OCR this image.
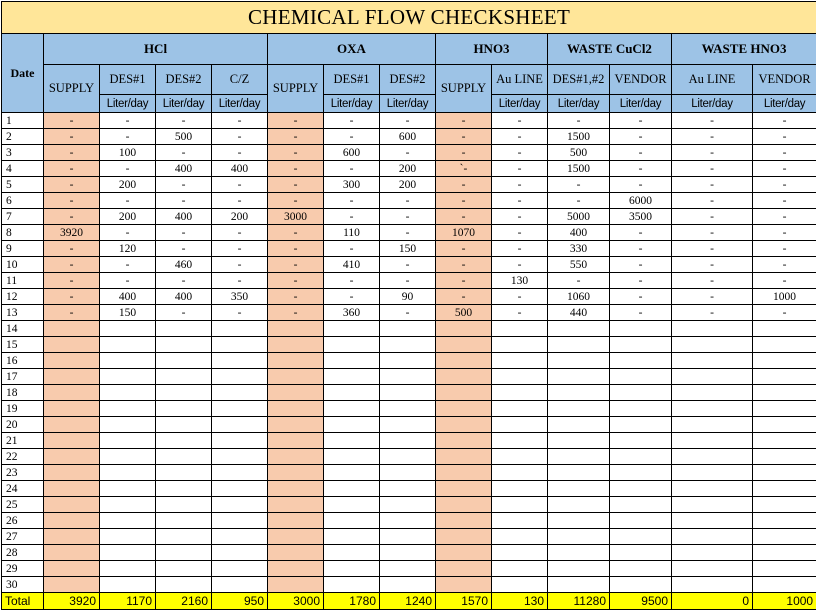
CHEMICAL FLOW CHECKSHEET													
Date	HCl				OXA			HNO3		WASTE CuCl2		WASTE HNO3	
	SUPPLY	DES#1	DES#2	C/Z	SUPPLY	DES#1	DES#2	SUPPLY	Au LINE	DES#1,#2	VENDOR	Au LINE	VENDOR
		Liter/day	Liter/day	Liter/day		Liter/day	Liter/day		Liter/day	Liter/day	Liter/day	Liter/day	Liter/day
1	-	-	-	-	-	-	-	-	-	-	-	-	-
2	-	-	500	-	-	-	600	-	-	1500	-	-	-
3	-	100	-	-	-	600	-	-	-	500	-	-	-
4	-	-	400	400	-	-	200	`-	-	1500	-	-	-
5	-	200	-	-	-	300	200	-	-	-	-	-	-
6	-	-	-	-	-	-	-	-	-	-	6000	-	-
7	-	200	400	200	3000	-	-	-	-	5000	3500	-	-
8	3920	-	-	-	-	110	-	1070	-	400	-	-	-
9	-	120	-	-	-	-	150	-	-	330	-	-	-
10	-	-	460	-	-	410	-	-	-	550	-	-	-
11	-	-	-	-	-	-	-	-	130	-	-	-	-
12	-	400	400	350	-	-	90	-	-	1060	-	-	1000
13	-	150	-	-	-	360	-	500	-	440	-	-	-
14													
15													
16													
17													
18													
19													
20													
21													
22													
23													
24													
25													
26													
27													
28													
29													
30													
Total	3920	1170	2160	950	3000	1780	1240	1570	130	11280	9500	0	1000
